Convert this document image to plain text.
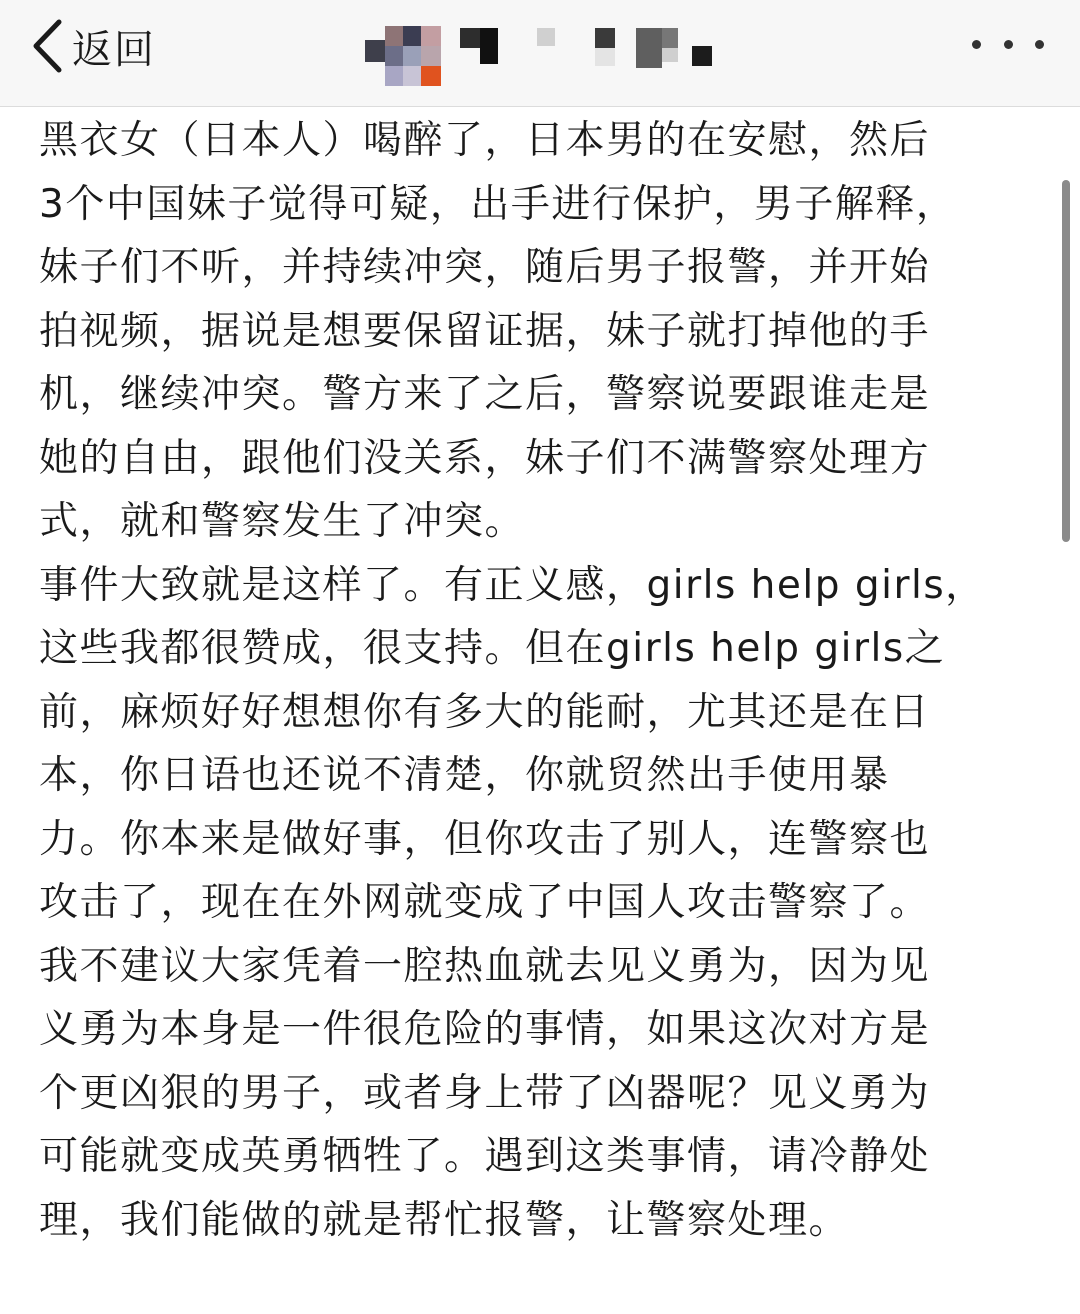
返回

黑衣女（日本人）喝醉了，日本男的在安慰，然后
3个中国妹子觉得可疑，出手进行保护，男子解释，
妹子们不听，并持续冲突，随后男子报警，并开始
拍视频，据说是想要保留证据，妹子就打掉他的手
机，继续冲突。警方来了之后，警察说要跟谁走是
她的自由，跟他们没关系，妹子们不满警察处理方
式，就和警察发生了冲突。

事件大致就是这样了。有正义感，girls help girls，
这些我都很赞成，很支持。但在girls help girls之
前，麻烦好好想想你有多大的能耐，尤其还是在日
本，你日语也还说不清楚，你就贸然出手使用暴
力。你本来是做好事，但你攻击了别人，连警察也
攻击了，现在在外网就变成了中国人攻击警察了。
我不建议大家凭着一腔热血就去见义勇为，因为见
义勇为本身是一件很危险的事情，如果这次对方是
个更凶狠的男子，或者身上带了凶器呢？见义勇为
可能就变成英勇牺牲了。遇到这类事情，请冷静处
理，我们能做的就是帮忙报警，让警察处理。
